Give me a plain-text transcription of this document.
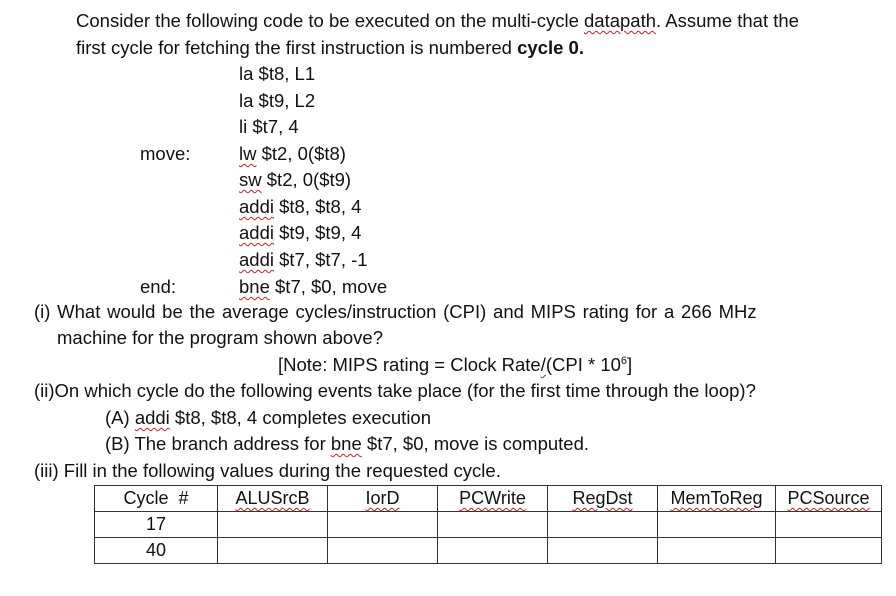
Consider the following code to be executed on the multi-cycle datapath. Assume that the
first cycle for fetching the first instruction is numbered cycle 0.
la $t8, L1
la $t9, L2
li $t7, 4
move:	lw $t2, 0($t8)
sw $t2, 0($t9)
addi $t8, $t8, 4
addi $t9, $t9, 4
addi $t7, $t7, -1
end:	bne $t7, $0, move
(i) What would be the average cycles/instruction (CPI) and MIPS rating for a 266 MHz
machine for the program shown above?
[Note: MIPS rating = Clock Rate/(CPI * $10^6$]
(ii)On which cycle do the following events take place (for the first time through the loop)?
(A) addi $t8, $t8, 4 completes execution
(B) The branch address for bne $t7, $0, move is computed.
(iii) Fill in the following values during the requested cycle.
Cycle  #	ALUSrcB	IorD	PCWrite	RegDst	MemToReg	PCSource
17						
40						
